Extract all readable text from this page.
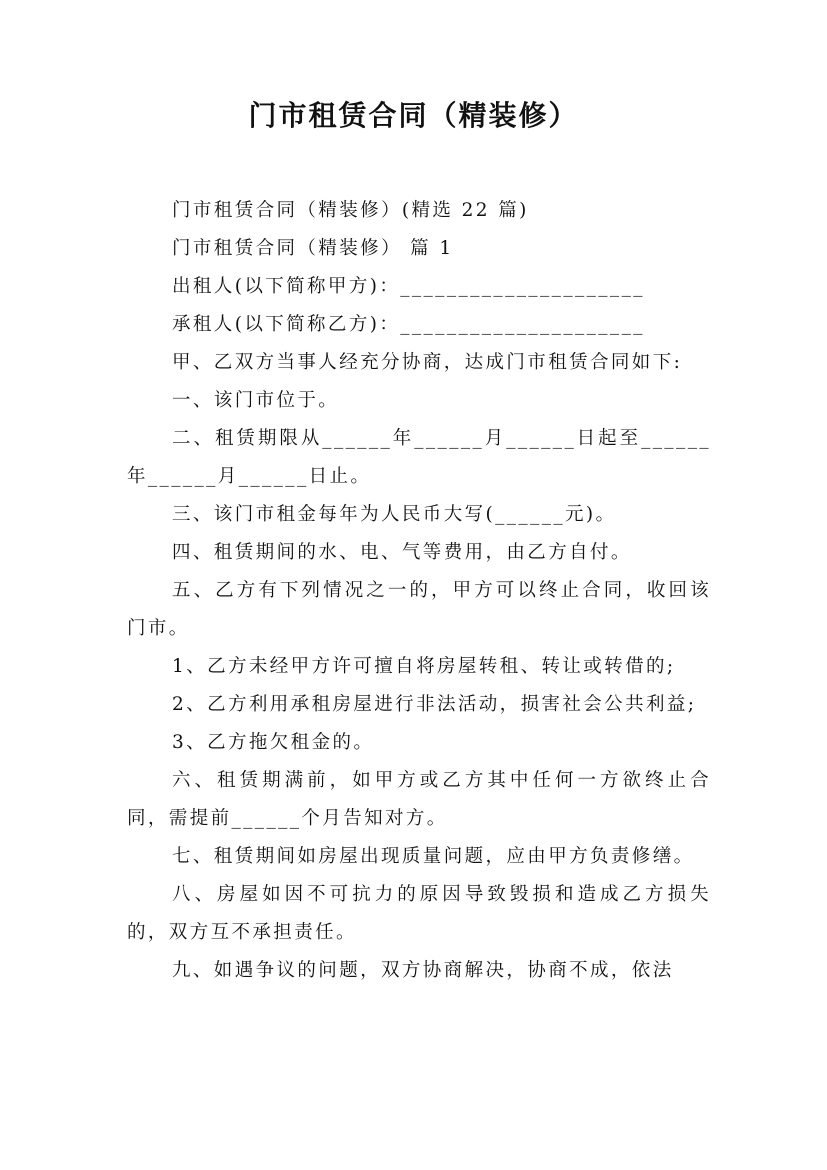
门市租赁合同（精装修）

门市租赁合同（精装修）(精选 22 篇)

门市租赁合同（精装修） 篇 1

出租人(以下简称甲方)：_____________________

承租人(以下简称乙方)：_____________________

甲、乙双方当事人经充分协商，达成门市租赁合同如下:

一、该门市位于。

二、租赁期限从______年______月______日起至______年______月______日止。

三、该门市租金每年为人民币大写(______元)。

四、租赁期间的水、电、气等费用，由乙方自付。

五、乙方有下列情况之一的，甲方可以终止合同，收回该门市。

1、乙方未经甲方许可擅自将房屋转租、转让或转借的;

2、乙方利用承租房屋进行非法活动，损害社会公共利益;

3、乙方拖欠租金的。

六、租赁期满前，如甲方或乙方其中任何一方欲终止合同，需提前______个月告知对方。

七、租赁期间如房屋出现质量问题，应由甲方负责修缮。

八、房屋如因不可抗力的原因导致毁损和造成乙方损失的，双方互不承担责任。

九、如遇争议的问题，双方协商解决，协商不成，依法
